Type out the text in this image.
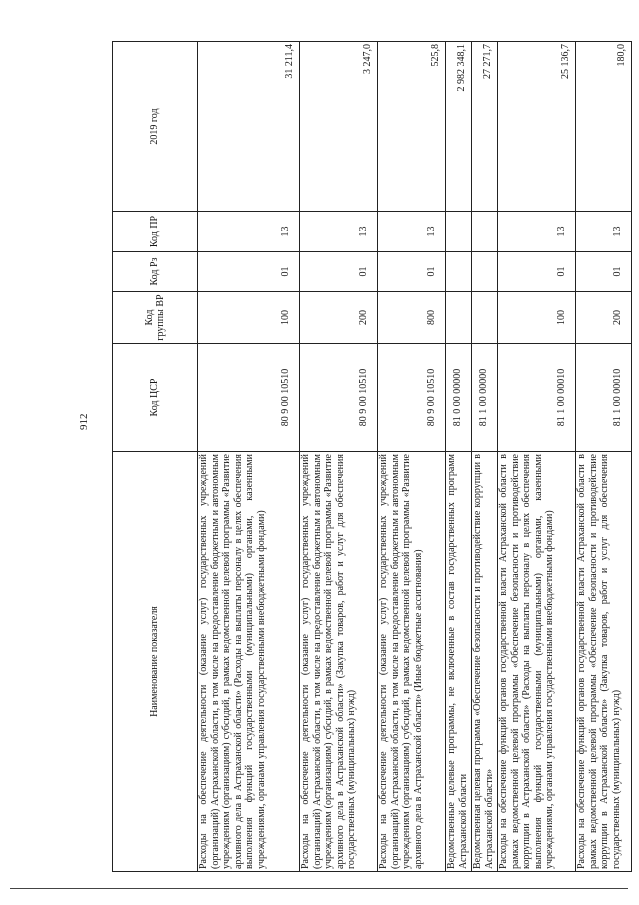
912
Наименование показателя	Код ЦСР	Код группы ВР	Код Рз	Код ПР	2019 год
Расходы на обеспечение деятельности (оказание услуг) государственных учреждений (организаций) Астраханской области, в том числе на предоставление бюджетным и автономным учреждениям (организациям) субсидий, в рамках ведомственной целевой программы «Развитие архивного дела в Астраханской области» (Расходы на выплаты персоналу в целях обеспечения выполнения функций государственными (муниципальными) органами, казенными учреждениями, органами управления государственными внебюджетными фондами)	80 9 00 10510	100	01	13	31 211,4
Расходы на обеспечение деятельности (оказание услуг) государственных учреждений (организаций) Астраханской области, в том числе на предоставление бюджетным и автономным учреждениям (организациям) субсидий, в рамках ведомственной целевой программы «Развитие архивного дела в Астраханской области» (Закупка товаров, работ и услуг для обеспечения государственных (муниципальных) нужд)	80 9 00 10510	200	01	13	3 247,0
Расходы на обеспечение деятельности (оказание услуг) государственных учреждений (организаций) Астраханской области, в том числе на предоставление бюджетным и автономным учреждениям (организациям) субсидий, в рамках ведомственной целевой программы «Развитие архивного дела в Астраханской области» (Иные бюджетные ассигнования)	80 9 00 10510	800	01	13	525,8
Ведомственные целевые программы, не включенные в состав государственных программ Астраханской области	81 0 00 00000				2 982 348,1
Ведомственная целевая программа «Обеспечение безопасности и противодействие коррупции в Астраханской области»	81 1 00 00000				27 271,7
Расходы на обеспечение функций органов государственной власти Астраханской области в рамках ведомственной целевой программы «Обеспечение безопасности и противодействие коррупции в Астраханской области» (Расходы на выплаты персоналу в целях обеспечения выполнения функций государственными (муниципальными) органами, казенными учреждениями, органами управления государственными внебюджетными фондами)	81 1 00 00010	100	01	13	25 136,7
Расходы на обеспечение функций органов государственной власти Астраханской области в рамках ведомственной целевой программы «Обеспечение безопасности и противодействие коррупции в Астраханской области» (Закупка товаров, работ и услуг для обеспечения государственных (муниципальных) нужд)	81 1 00 00010	200	01	13	180,0
